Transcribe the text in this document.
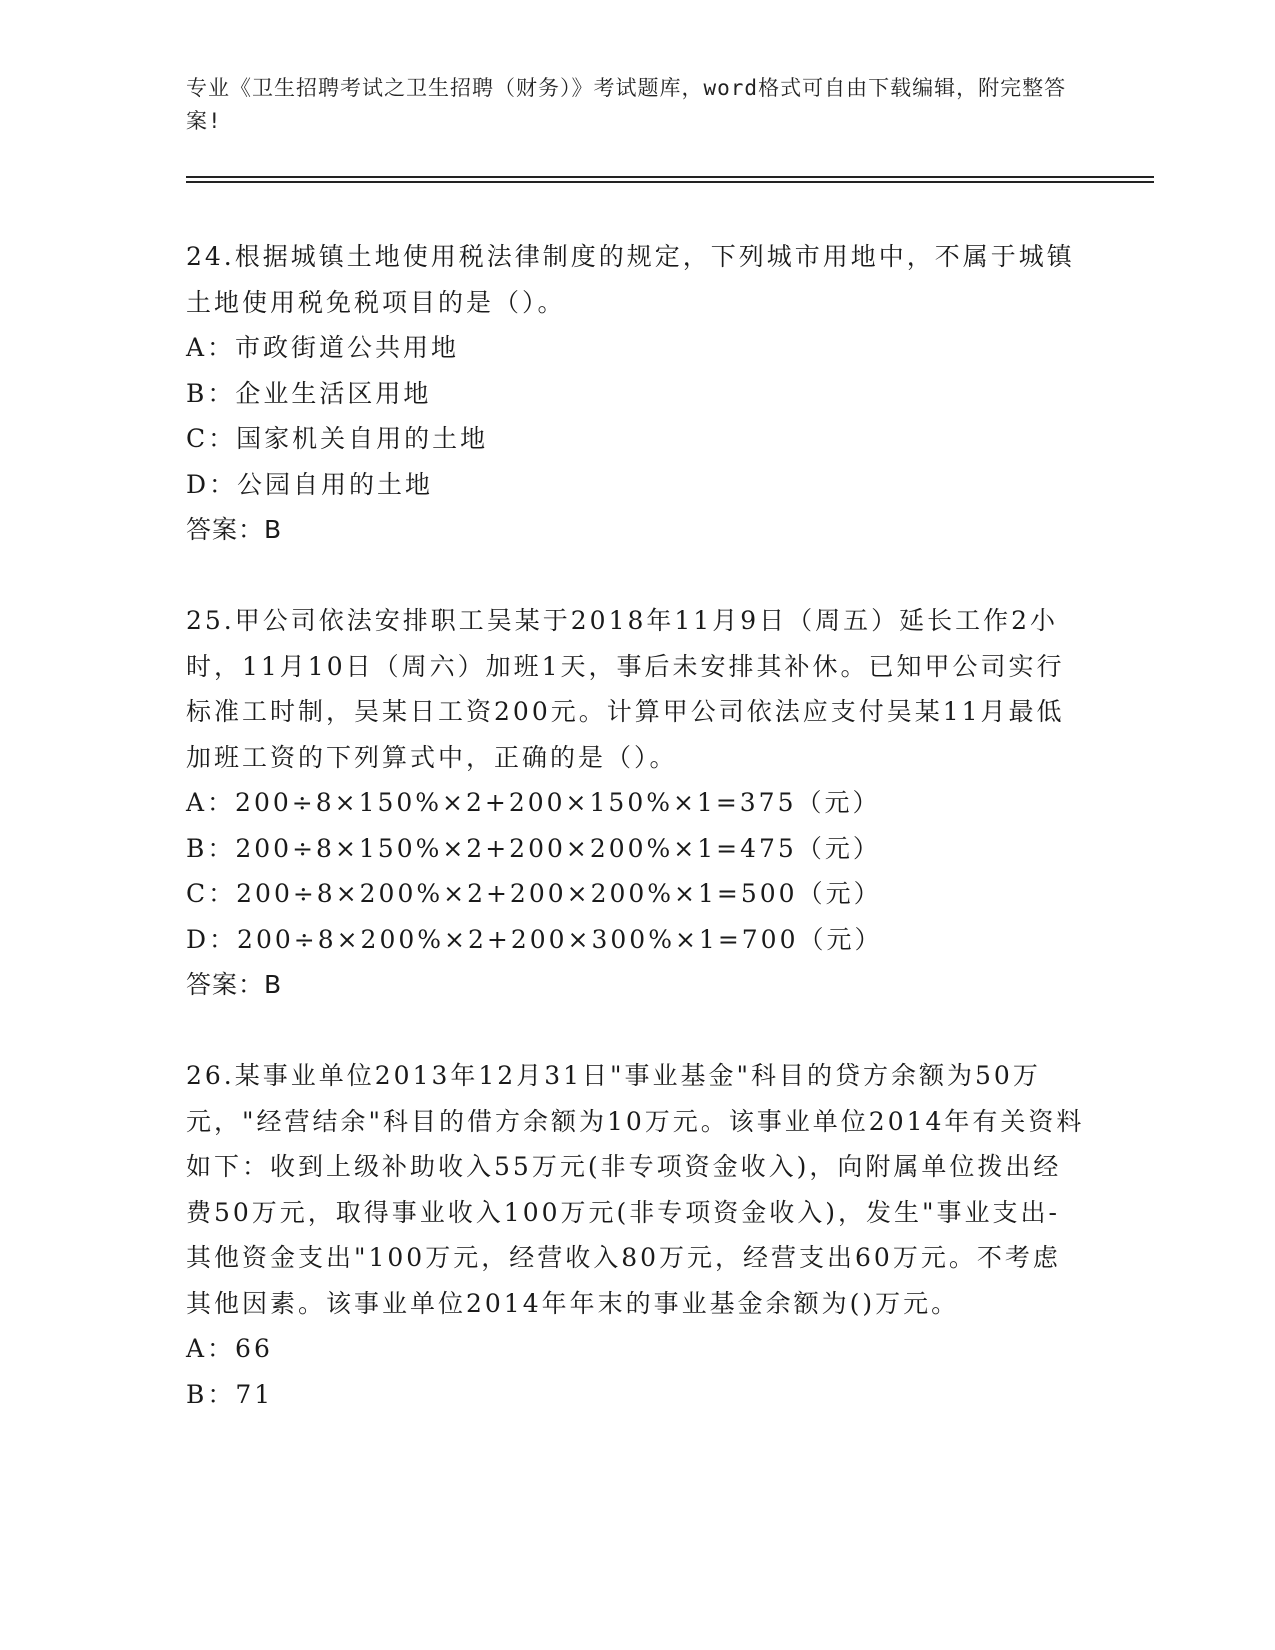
专业《卫生招聘考试之卫生招聘（财务）》考试题库，word格式可自由下载编辑，附完整答案!

24.根据城镇土地使用税法律制度的规定，下列城市用地中，不属于城镇土地使用税免税项目的是（）。

A：市政街道公共用地

B：企业生活区用地

C：国家机关自用的土地

D：公园自用的土地

答案：B

25.甲公司依法安排职工吴某于2018年11月9日（周五）延长工作2小时，11月10日（周六）加班1天，事后未安排其补休。已知甲公司实行标准工时制，吴某日工资200元。计算甲公司依法应支付吴某11月最低加班工资的下列算式中，正确的是（）。

A：200÷8×150%×2+200×150%×1=375（元）

B：200÷8×150%×2+200×200%×1=475（元）

C：200÷8×200%×2+200×200%×1=500（元）

D：200÷8×200%×2+200×300%×1=700（元）

答案：B

26.某事业单位2013年12月31日"事业基金"科目的贷方余额为50万元，"经营结余"科目的借方余额为10万元。该事业单位2014年有关资料如下：收到上级补助收入55万元(非专项资金收入)，向附属单位拨出经费50万元，取得事业收入100万元(非专项资金收入)，发生"事业支出-其他资金支出"100万元，经营收入80万元，经营支出60万元。不考虑其他因素。该事业单位2014年年末的事业基金余额为()万元。

A：66

B：71
